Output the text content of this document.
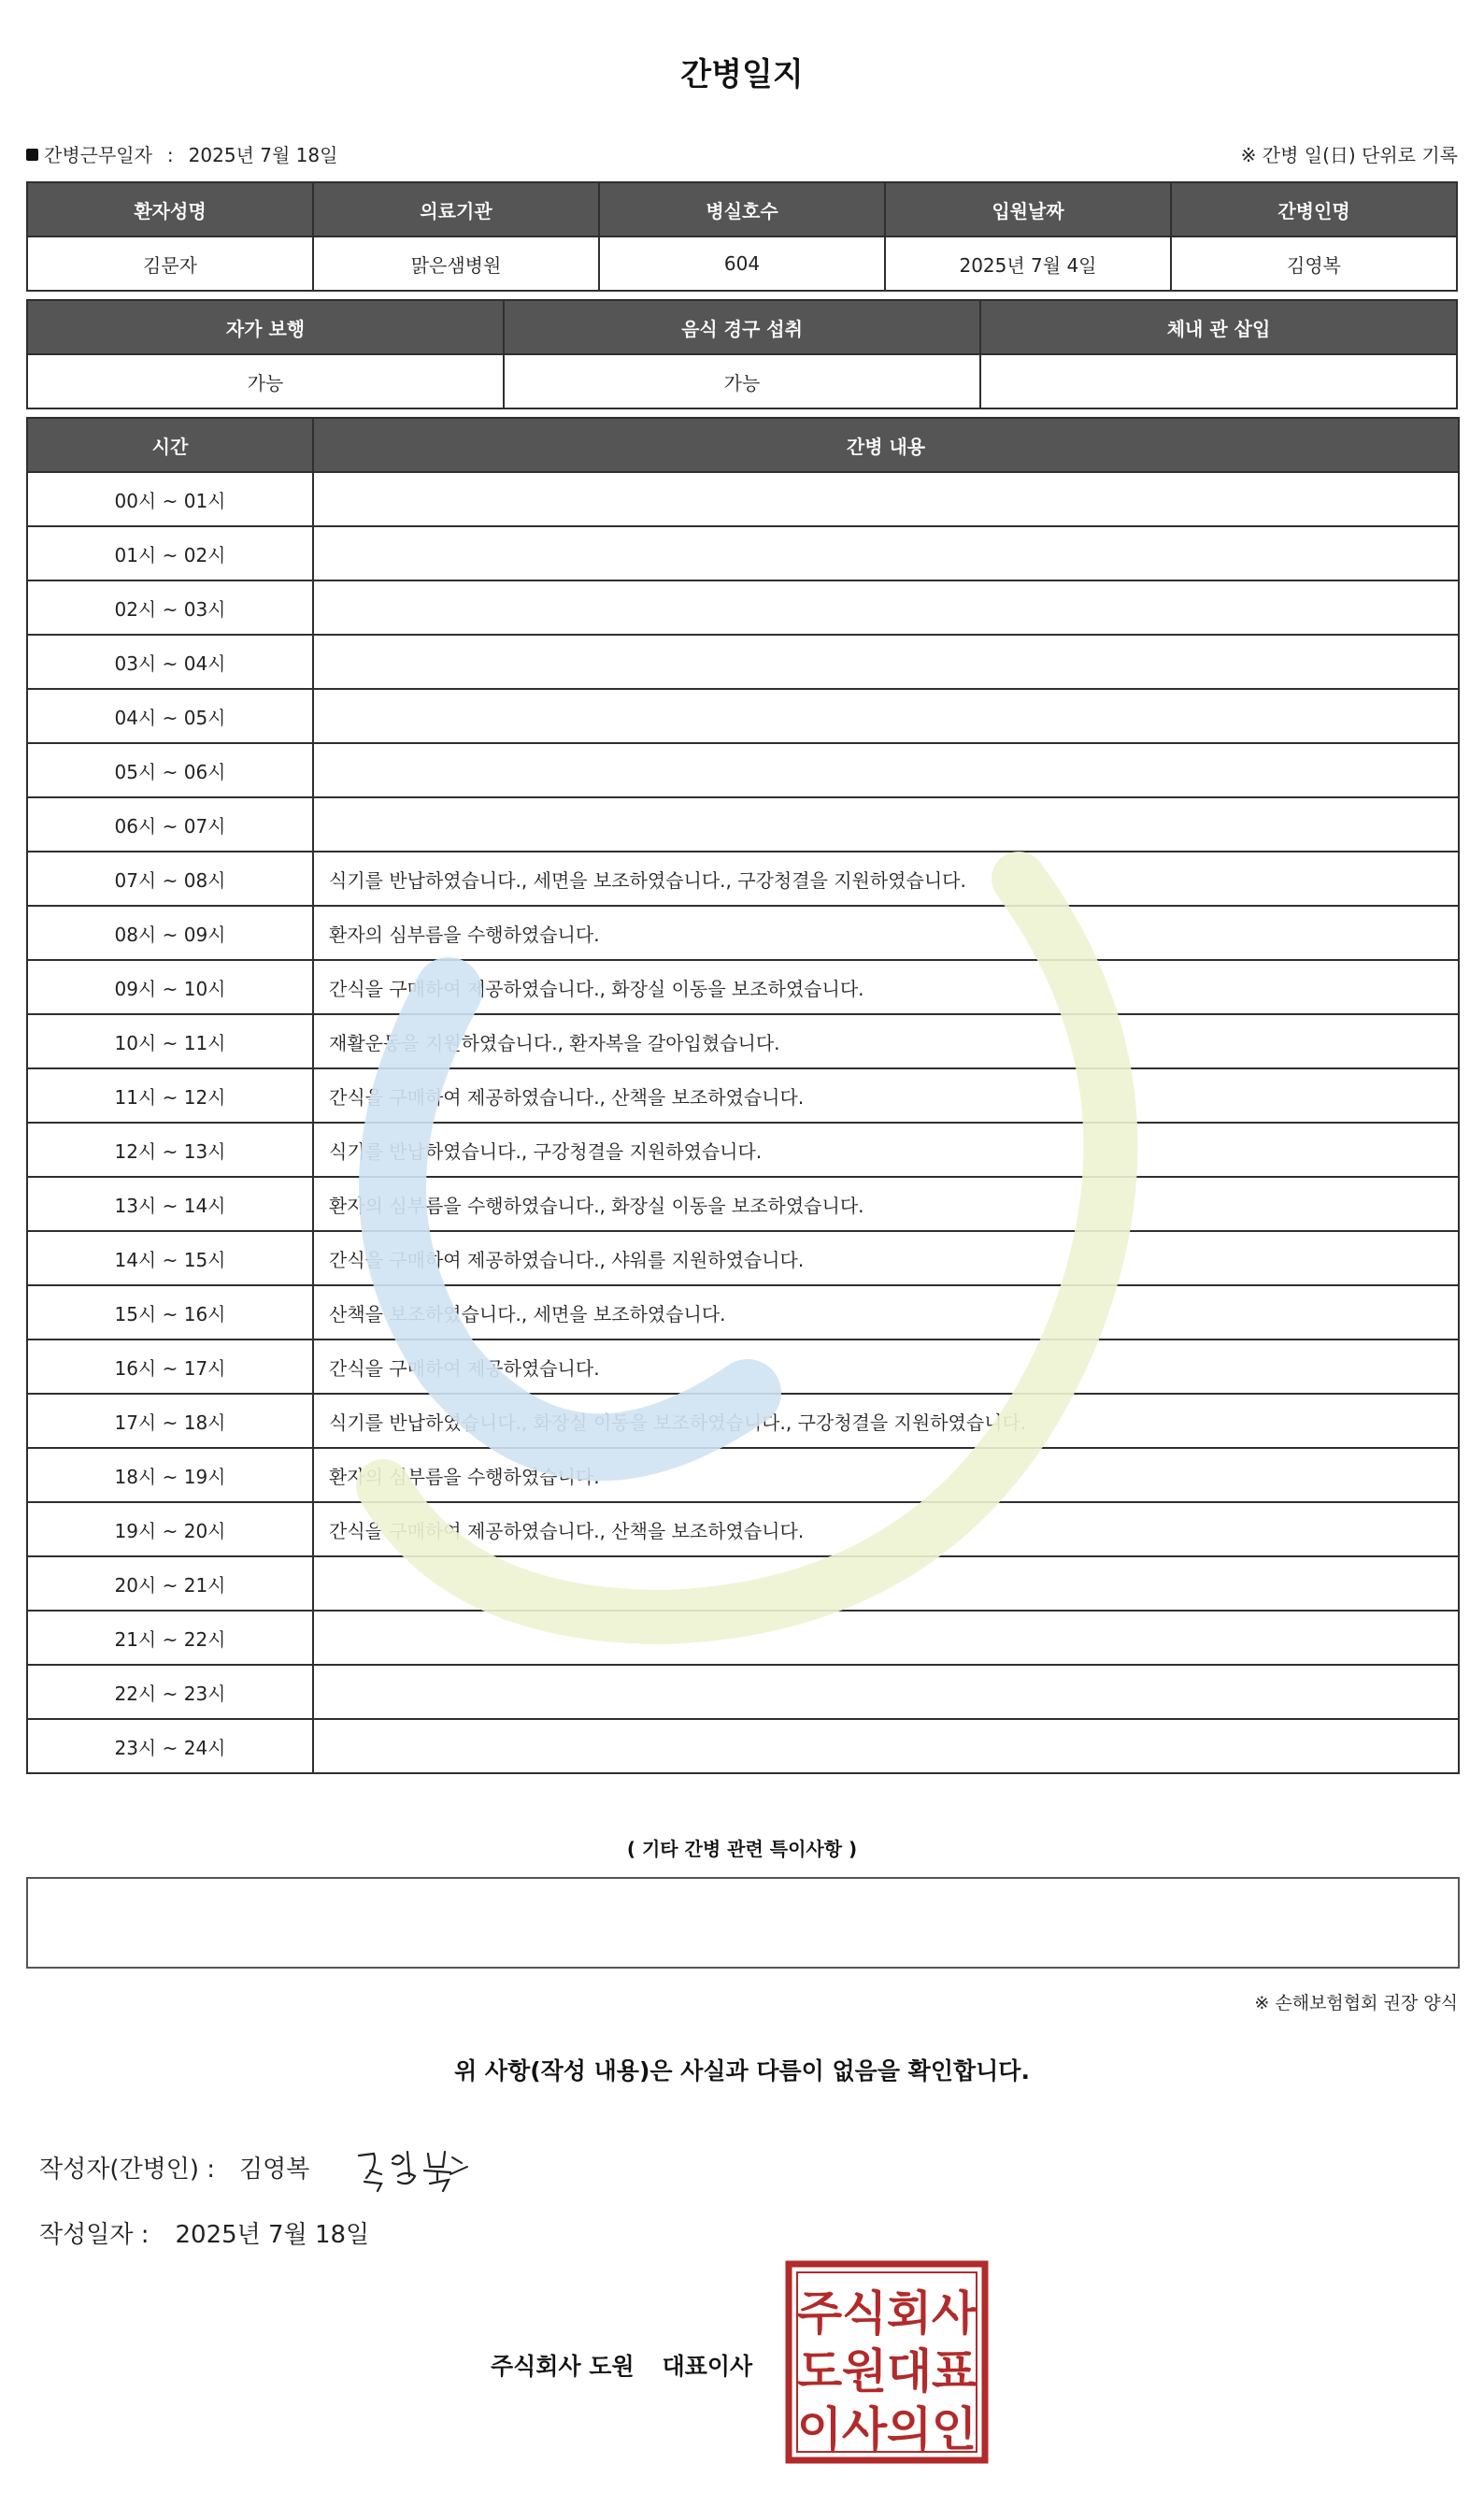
간병일지
간병근무일자 : 2025년 7월 18일	※ 간병 일(日) 단위로 기록
환자성명	의료기관	병실호수	입원날짜	간병인명
김문자	맑은샘병원	604	2025년 7월 4일	김영복
자가 보행	음식 경구 섭취	체내 관 삽입
가능	가능	
시간	간병 내용
00시 ~ 01시	
01시 ~ 02시	
02시 ~ 03시	
03시 ~ 04시	
04시 ~ 05시	
05시 ~ 06시	
06시 ~ 07시	
07시 ~ 08시	식기를 반납하였습니다., 세면을 보조하였습니다., 구강청결을 지원하였습니다.
08시 ~ 09시	환자의 심부름을 수행하였습니다.
09시 ~ 10시	간식을 구매하여 제공하였습니다., 화장실 이동을 보조하였습니다.
10시 ~ 11시	재활운동을 지원하였습니다., 환자복을 갈아입혔습니다.
11시 ~ 12시	간식을 구매하여 제공하였습니다., 산책을 보조하였습니다.
12시 ~ 13시	식기를 반납하였습니다., 구강청결을 지원하였습니다.
13시 ~ 14시	환자의 심부름을 수행하였습니다., 화장실 이동을 보조하였습니다.
14시 ~ 15시	간식을 구매하여 제공하였습니다., 샤워를 지원하였습니다.
15시 ~ 16시	산책을 보조하였습니다., 세면을 보조하였습니다.
16시 ~ 17시	간식을 구매하여 제공하였습니다.
17시 ~ 18시	식기를 반납하였습니다., 화장실 이동을 보조하였습니다., 구강청결을 지원하였습니다.
18시 ~ 19시	환자의 심부름을 수행하였습니다.
19시 ~ 20시	간식을 구매하여 제공하였습니다., 산책을 보조하였습니다.
20시 ~ 21시	
21시 ~ 22시	
22시 ~ 23시	
23시 ~ 24시	
( 기타 간병 관련 특이사항 )
※ 손해보험협회 권장 양식
위 사항(작성 내용)은 사실과 다름이 없음을 확인합니다.
작성자(간병인) : 김영복
작성일자 : 2025년 7월 18일
주식회사 도원 대표이사
주 식 회 사
도 원 대 표
이 사 의 인
